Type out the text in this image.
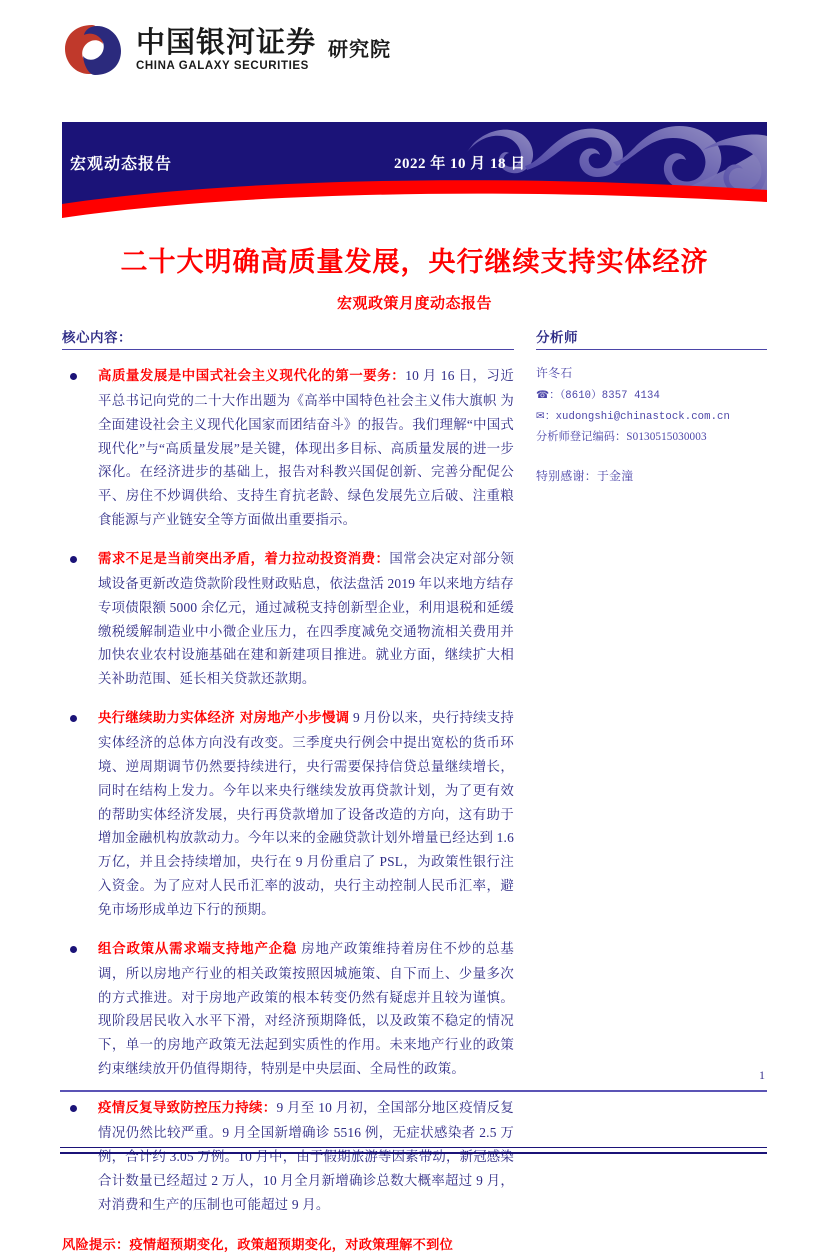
中国银河证券
CHINA GALAXY SECURITIES
研究院
宏观动态报告	2022 年 10 月 18 日
二十大明确高质量发展，央行继续支持实体经济
宏观政策月度动态报告
核心内容：
高质量发展是中国式社会主义现代化的第一要务：10 月 16 日，习近平总书记向党的二十大作出题为《高举中国特色社会主义伟大旗帜 为全面建设社会主义现代化国家而团结奋斗》的报告。我们理解“中国式现代化”与“高质量发展”是关键，体现出多目标、高质量发展的进一步深化。在经济进步的基础上，报告对科教兴国促创新、完善分配促公平、房住不炒调供给、支持生育抗老龄、绿色发展先立后破、注重粮食能源与产业链安全等方面做出重要指示。
需求不足是当前突出矛盾，着力拉动投资消费：国常会决定对部分领域设备更新改造贷款阶段性财政贴息，依法盘活 2019 年以来地方结存专项债限额 5000 余亿元，通过减税支持创新型企业，利用退税和延缓缴税缓解制造业中小微企业压力，在四季度减免交通物流相关费用并加快农业农村设施基础在建和新建项目推进。就业方面，继续扩大相关补助范围、延长相关贷款还款期。
央行继续助力实体经济 对房地产小步慢调 9 月份以来，央行持续支持实体经济的总体方向没有改变。三季度央行例会中提出宽松的货币环境、逆周期调节仍然要持续进行，央行需要保持信贷总量继续增长，同时在结构上发力。今年以来央行继续发放再贷款计划，为了更有效的帮助实体经济发展，央行再贷款增加了设备改造的方向，这有助于增加金融机构放款动力。今年以来的金融贷款计划外增量已经达到 1.6 万亿，并且会持续增加，央行在 9 月份重启了 PSL，为政策性银行注入资金。为了应对人民币汇率的波动，央行主动控制人民币汇率，避免市场形成单边下行的预期。
组合政策从需求端支持地产企稳 房地产政策维持着房住不炒的总基调，所以房地产行业的相关政策按照因城施策、自下而上、少量多次的方式推进。对于房地产政策的根本转变仍然有疑虑并且较为谨慎。现阶段居民收入水平下滑，对经济预期降低，以及政策不稳定的情况下，单一的房地产政策无法起到实质性的作用。未来地产行业的政策约束继续放开仍值得期待，特别是中央层面、全局性的政策。
疫情反复导致防控压力持续：9 月至 10 月初，全国部分地区疫情反复情况仍然比较严重。9 月全国新增确诊 5516 例，无症状感染者 2.5 万例，合计约 3.05 万例。10 月中，由于假期旅游等因素带动，新冠感染合计数量已经超过 2 万人，10 月全月新增确诊总数大概率超过 9 月，对消费和生产的压制也可能超过 9 月。
风险提示：疫情超预期变化，政策超预期变化，对政策理解不到位
分析师
许冬石
☎：（8610）8357 4134
✉：xudongshi@chinastock.com.cn
分析师登记编码：S0130515030003
特别感谢：于金潼
1
